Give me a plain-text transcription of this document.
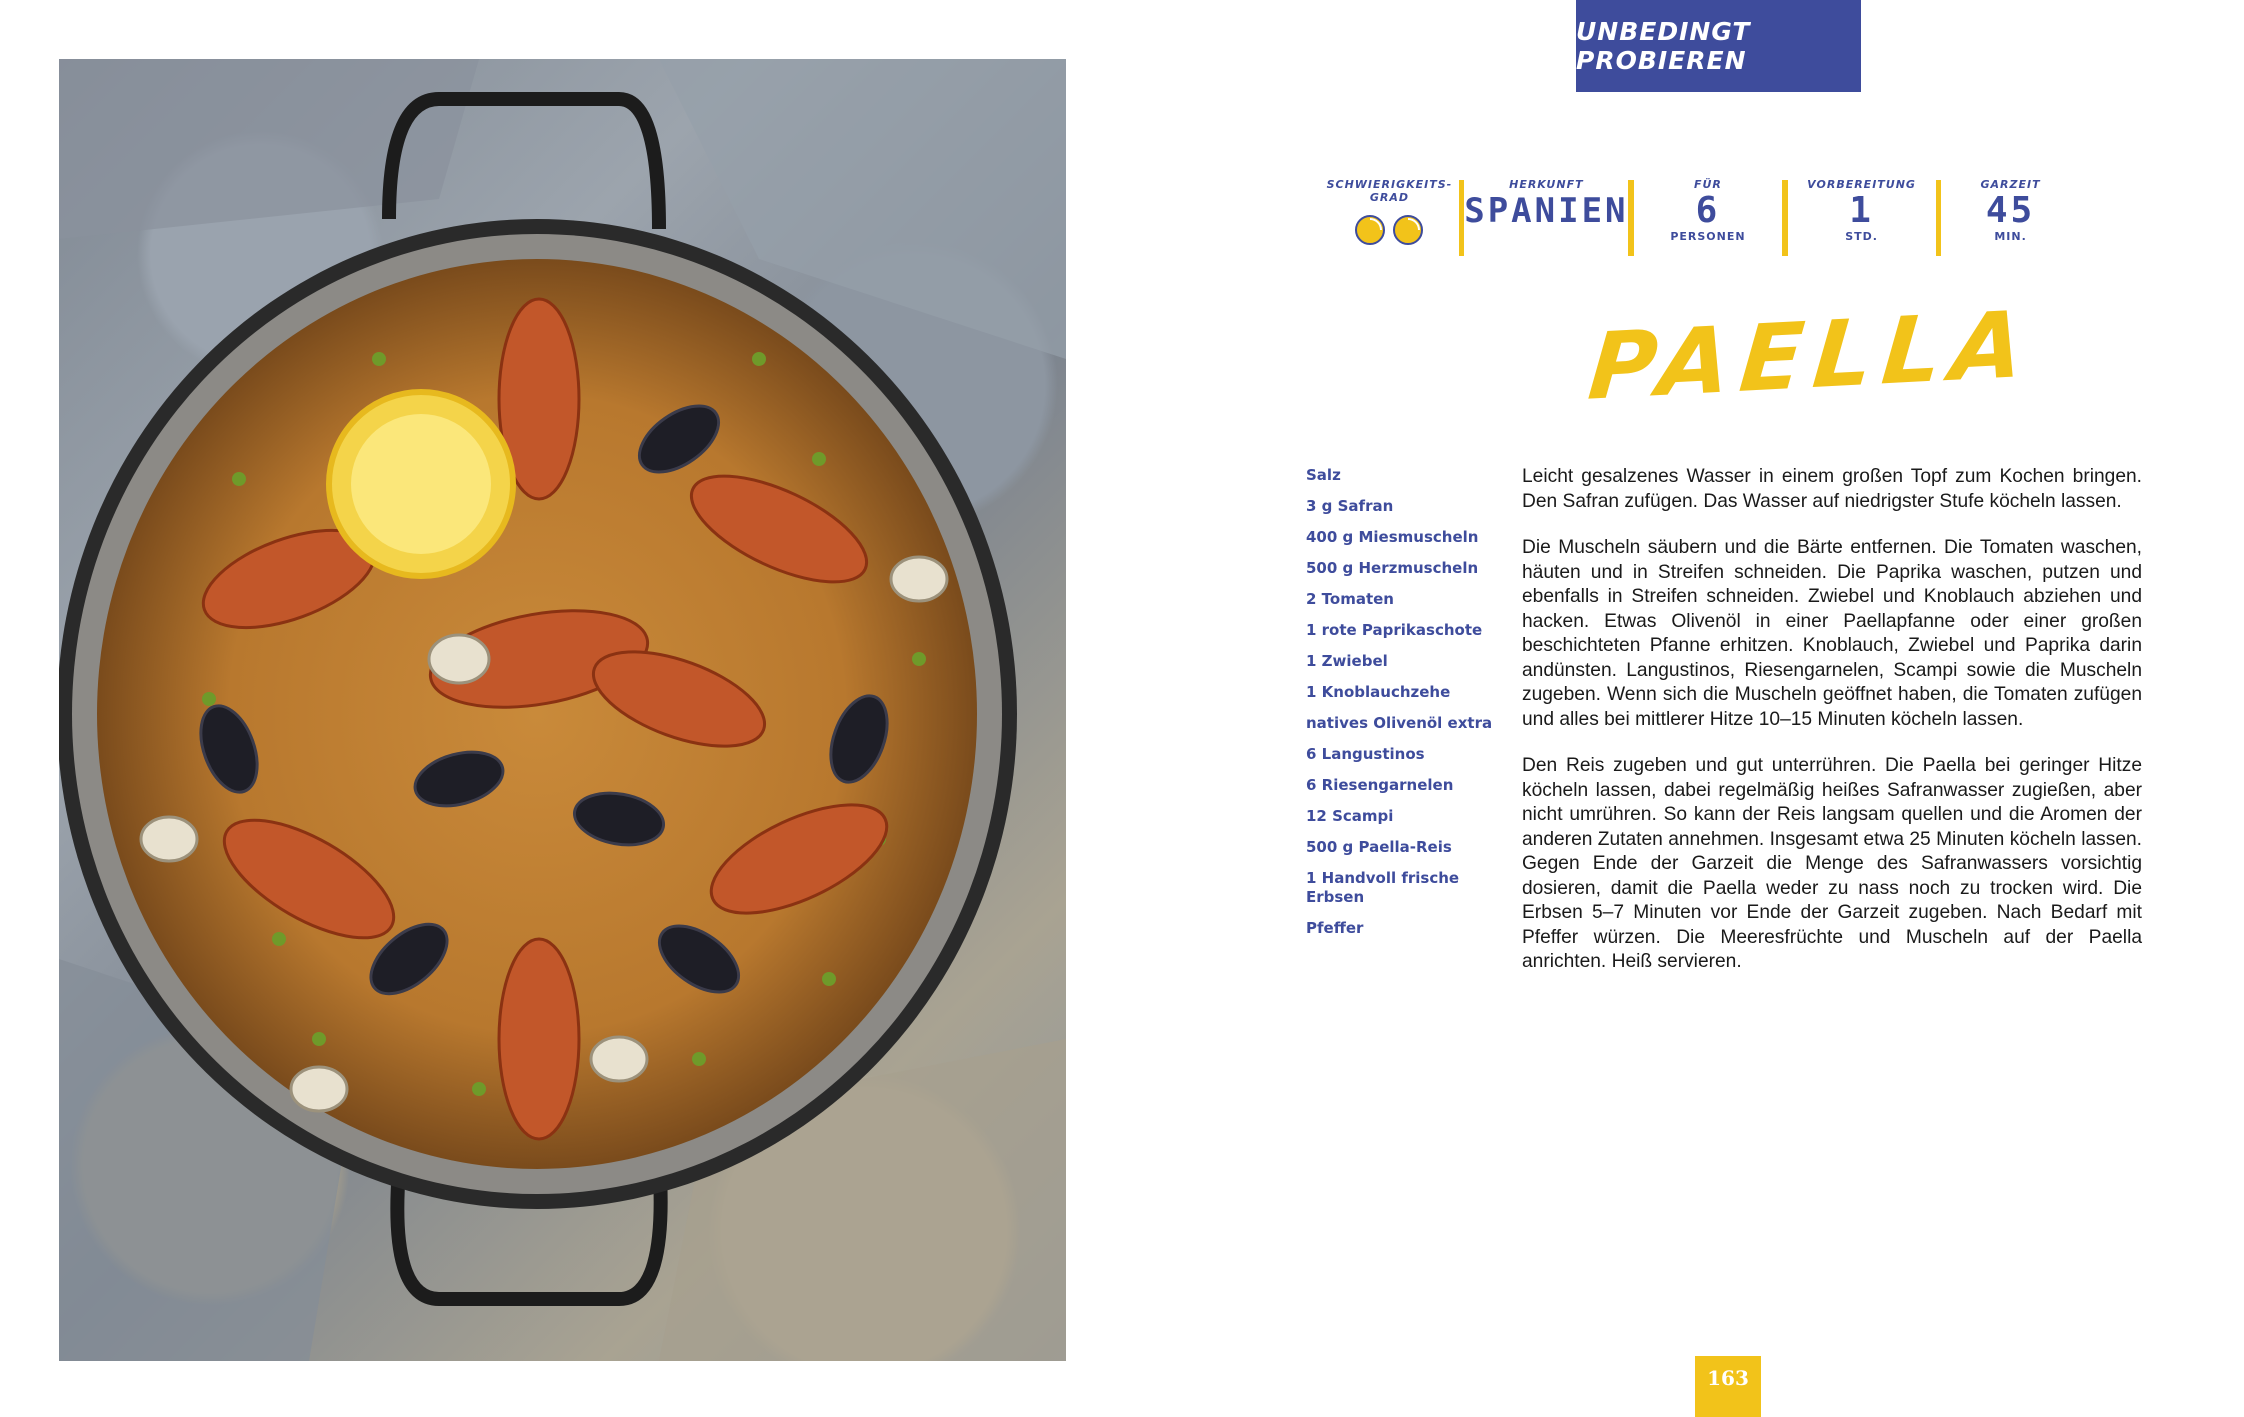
UNBEDINGT PROBIEREN
SCHWIERIGKEITS-
GRAD
HERKUNFT
SPANIEN
FÜR
6
PERSONEN
VORBEREITUNG
1
STD.
GARZEIT
45
MIN.
PAELLA
Salz
3 g Safran
400 g Miesmuscheln
500 g Herzmuscheln
2 Tomaten
1 rote Paprikaschote
1 Zwiebel
1 Knoblauchzehe
natives Olivenöl extra
6 Langustinos
6 Riesengarnelen
12 Scampi
500 g Paella-Reis
1 Handvoll frische Erbsen
Pfeffer

Leicht gesalzenes Wasser in einem großen Topf zum Kochen bringen. Den Safran zufügen. Das Wasser auf niedrigster Stufe köcheln lassen.

Die Muscheln säubern und die Bärte entfernen. Die Tomaten waschen, häuten und in Streifen schneiden. Die Paprika waschen, putzen und ebenfalls in Streifen schneiden. Zwiebel und Knoblauch abziehen und hacken. Etwas Olivenöl in einer Paellapfanne oder einer großen beschichteten Pfanne erhitzen. Knoblauch, Zwiebel und Paprika darin andünsten. Langustinos, Riesengarnelen, Scampi sowie die Muscheln zugeben. Wenn sich die Muscheln geöffnet haben, die Tomaten zufügen und alles bei mittlerer Hitze 10–15 Minuten köcheln lassen.

Den Reis zugeben und gut unterrühren. Die Paella bei geringer Hitze köcheln lassen, dabei regelmäßig heißes Safranwasser zugießen, aber nicht umrühren. So kann der Reis langsam quellen und die Aromen der anderen Zutaten annehmen. Insgesamt etwa 25 Minuten köcheln lassen. Gegen Ende der Garzeit die Menge des Safranwassers vorsichtig dosieren, damit die Paella weder zu nass noch zu trocken wird. Die Erbsen 5–7 Minuten vor Ende der Garzeit zugeben. Nach Bedarf mit Pfeffer würzen. Die Meeresfrüchte und Muscheln auf der Paella anrichten. Heiß servieren.

163
